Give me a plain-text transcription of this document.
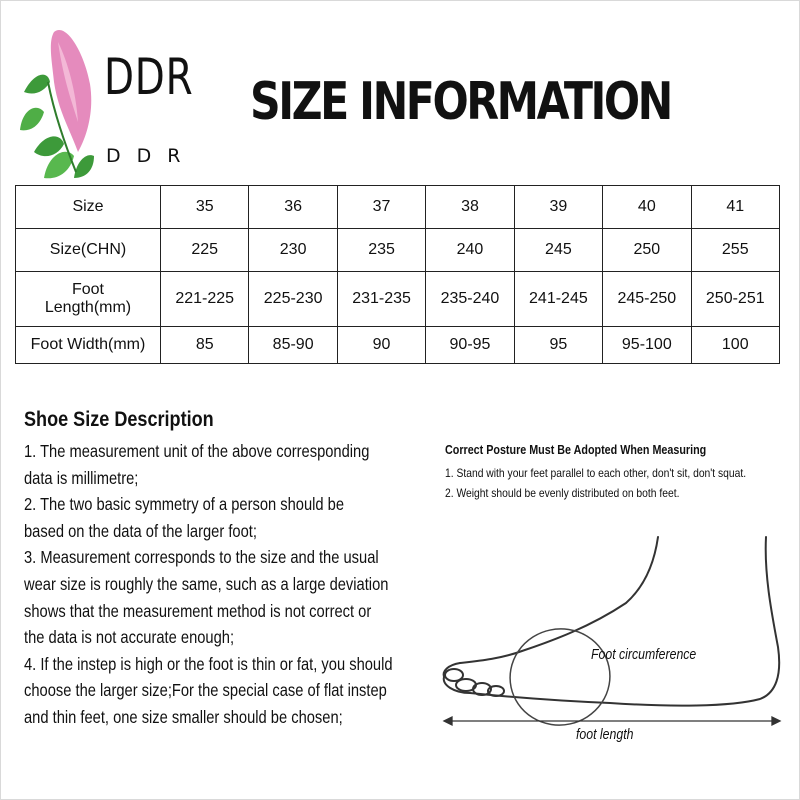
DDR
DDR
SIZE INFORMATION
Size	35	36	37	38	39	40	41
Size(CHN)	225	230	235	240	245	250	255

Foot
Length(mm)	221-225	225-230	231-235	235-240	241-245	245-250	250-251
Foot Width(mm)	85	85-90	90	90-95	95	95-100	100
Shoe Size Description
1. The measurement unit of the above corresponding
data is millimetre;
2. The two basic symmetry of a person should be
based on the data of the larger foot;
3. Measurement corresponds to the size and the usual
wear size is roughly the same, such as a large deviation
shows that the measurement method is not correct or
the data is not accurate enough;
4. If the instep is high or the foot is thin or fat, you should
choose the larger size;For the special case of flat instep
and thin feet, one size smaller should be chosen;
Correct Posture Must Be Adopted When Measuring
1. Stand with your feet parallel to each other, don't sit, don't squat.
2. Weight should be evenly distributed on both feet.
Foot circumference
foot length
